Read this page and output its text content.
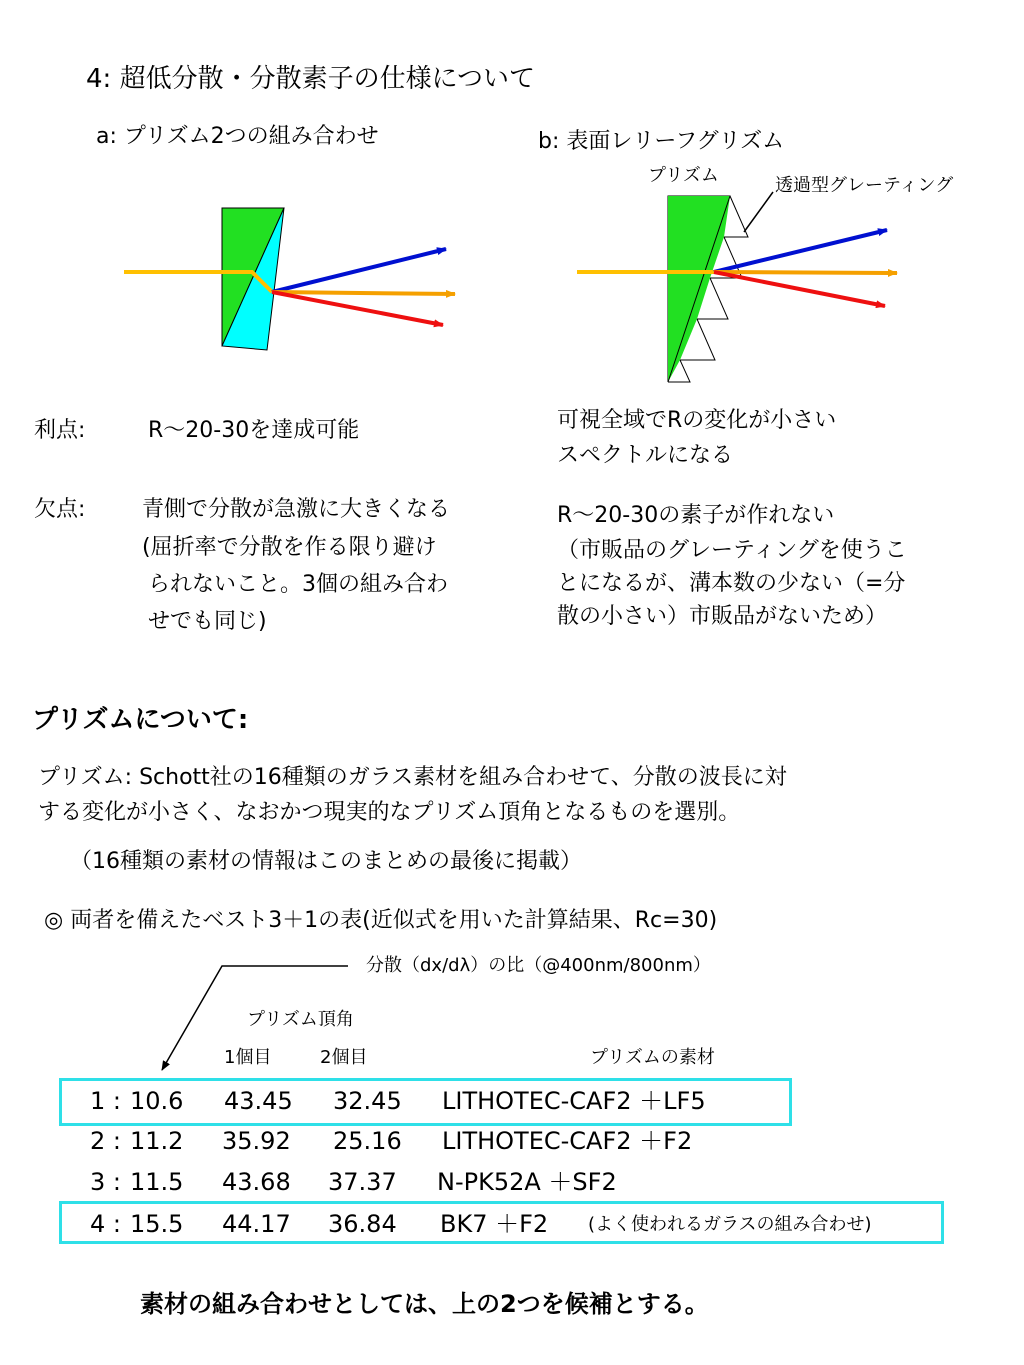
4: 超低分散・分散素子の仕様について
a: プリズム2つの組み合わせ	b: 表面レリーフグリズム
プリズム	透過型グレーティング
利点:	R～20-30を達成可能
欠点:	青側で分散が急激に大きくなる
(屈折率で分散を作る限り避け
られないこと。3個の組み合わ
せでも同じ)
可視全域でRの変化が小さい
スペクトルになる
R～20-30の素子が作れない
（市販品のグレーティングを使うこ
とになるが、溝本数の少ない（=分
散の小さい）市販品がないため）
プリズムについて:
プリズム: Schott社の16種類のガラス素材を組み合わせて、分散の波長に対
する変化が小さく、なおかつ現実的なプリズム頂角となるものを選別。
（16種類の素材の情報はこのまとめの最後に掲載）
◎ 両者を備えたベスト3＋1の表(近似式を用いた計算結果、Rc=30)
分散（dx/dλ）の比（@400nm/800nm）
プリズム頂角
1個目	2個目	プリズムの素材
1 : 10.6 43.45 32.45 LITHOTEC-CAF2 ＋LF5
2 : 11.2 35.92 25.16 LITHOTEC-CAF2 ＋F2
3 : 11.5 43.68 37.37 N-PK52A ＋SF2
4 : 15.5 44.17 36.84 BK7 ＋F2 (よく使われるガラスの組み合わせ)
素材の組み合わせとしては、上の2つを候補とする。
